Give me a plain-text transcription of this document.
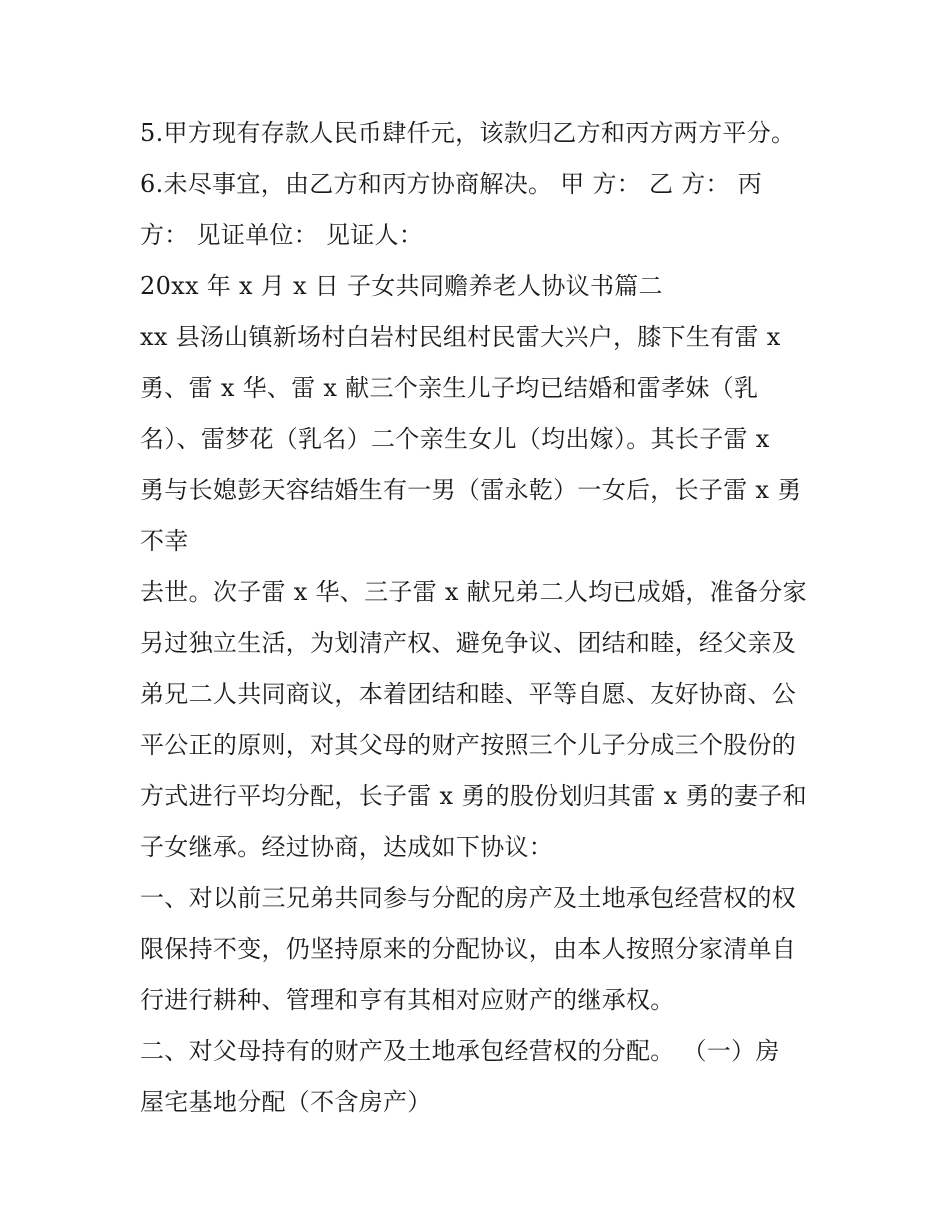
5.甲方现有存款人民币肆仟元，该款归乙方和丙方两方平分。
6.未尽事宜，由乙方和丙方协商解决。 甲 方： 乙 方： 丙
方： 见证单位： 见证人：
20xx 年 x 月 x 日 子女共同赡养老人协议书篇二
xx 县汤山镇新场村白岩村民组村民雷大兴户，膝下生有雷 x
勇、雷 x 华、雷 x 献三个亲生儿子均已结婚和雷孝妹（乳
名）、雷梦花（乳名）二个亲生女儿（均出嫁）。其长子雷 x
勇与长媳彭天容结婚生有一男（雷永乾）一女后，长子雷 x 勇
不幸
去世。次子雷 x 华、三子雷 x 献兄弟二人均已成婚，准备分家
另过独立生活，为划清产权、避免争议、团结和睦，经父亲及
弟兄二人共同商议，本着团结和睦、平等自愿、友好协商、公
平公正的原则，对其父母的财产按照三个儿子分成三个股份的
方式进行平均分配，长子雷 x 勇的股份划归其雷 x 勇的妻子和
子女继承。经过协商，达成如下协议：
一、对以前三兄弟共同参与分配的房产及土地承包经营权的权
限保持不变，仍坚持原来的分配协议，由本人按照分家清单自
行进行耕种、管理和亨有其相对应财产的继承权。
二、对父母持有的财产及土地承包经营权的分配。 （一）房
屋宅基地分配（不含房产）
